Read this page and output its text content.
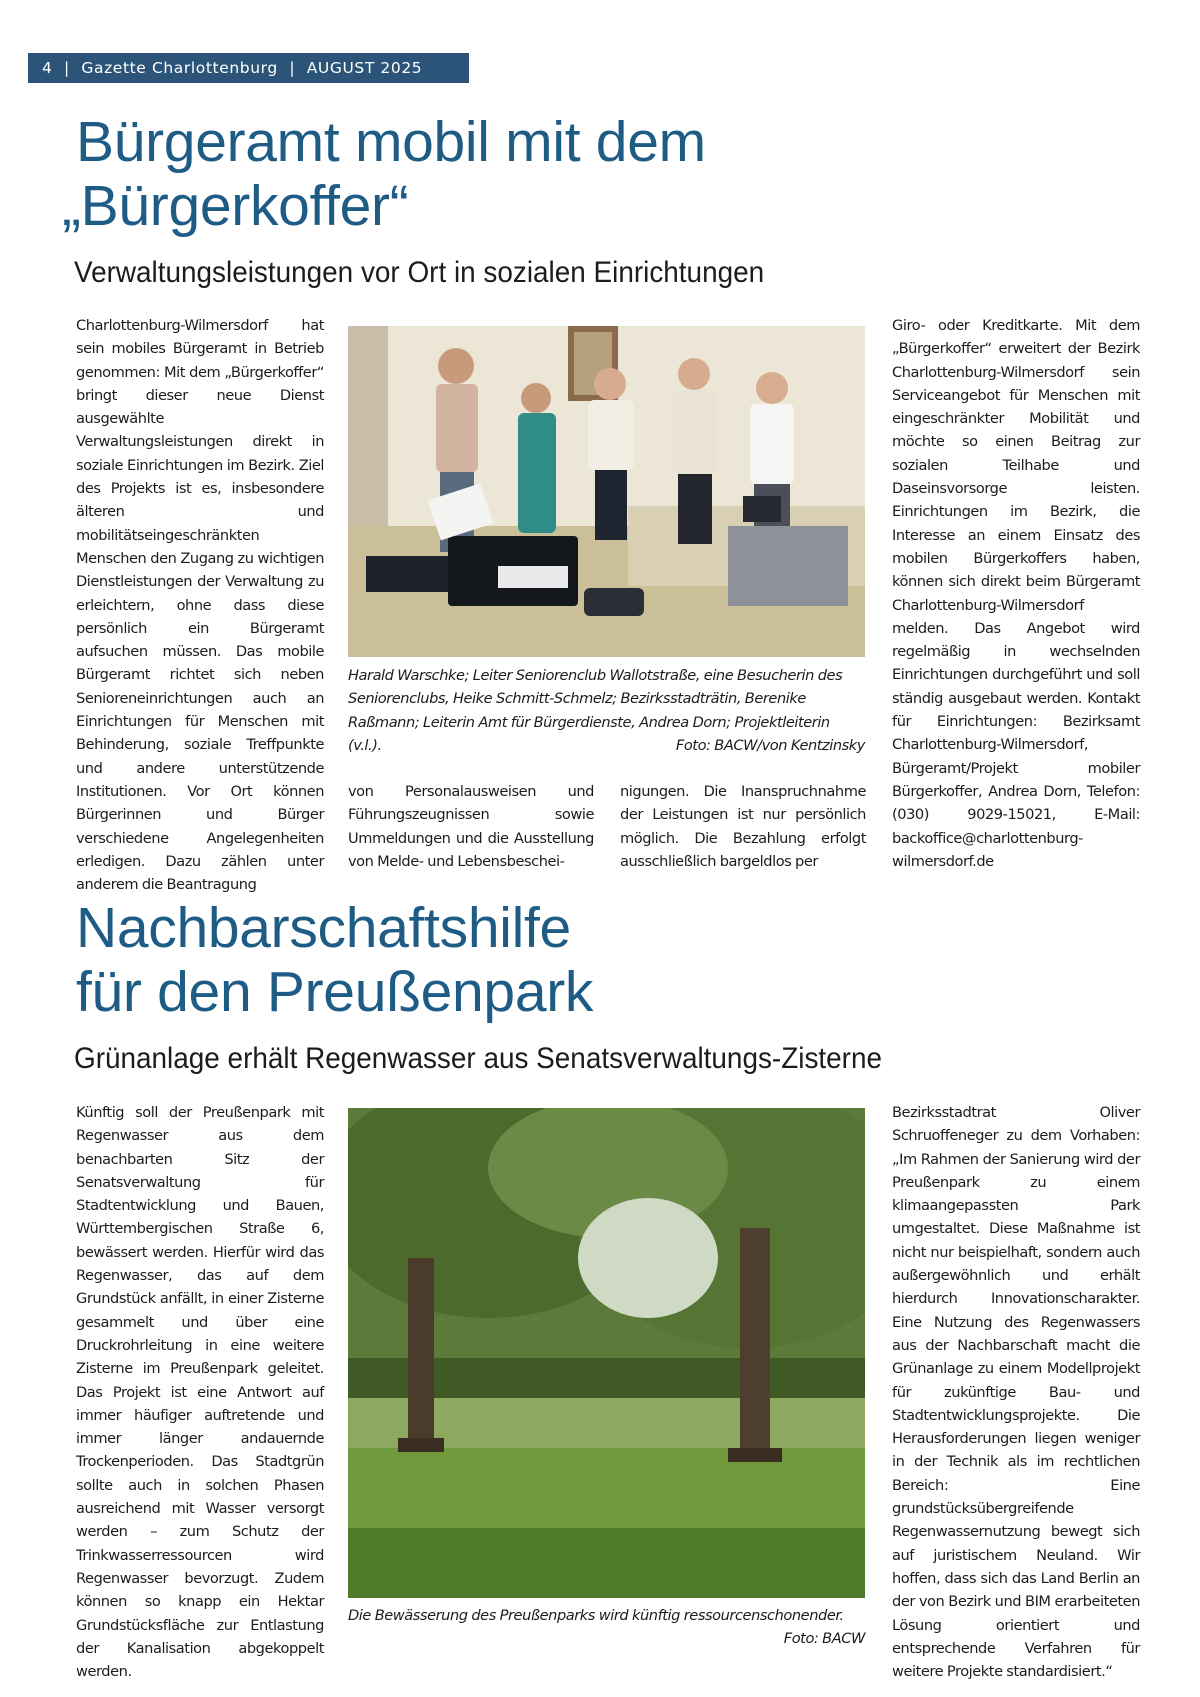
4 | Gazette Charlottenburg | AUGUST 2025
Bürgeramt mobil mit dem
„Bürgerkoffer“
Verwaltungsleistungen vor Ort in sozialen Einrichtungen
Charlottenburg-Wilmersdorf hat sein mobiles Bürgeramt in Betrieb genommen: Mit dem „Bürgerkoffer“ bringt dieser neue Dienst ausgewählte Verwaltungsleistungen direkt in soziale Einrichtungen im Bezirk. Ziel des Projekts ist es, insbesondere älteren und mobilitätseingeschränkten Menschen den Zugang zu wichtigen Dienstleistungen der Verwaltung zu erleichtern, ohne dass diese persönlich ein Bürgeramt aufsuchen müssen. Das mobile Bürgeramt richtet sich neben Senioreneinrichtungen auch an Einrichtungen für Menschen mit Behinderung, soziale Treffpunkte und andere unterstützende Institutionen. Vor Ort können Bürgerinnen und Bürger verschiedene Angelegenheiten erledigen. Dazu zählen unter anderem die Beantragung
Harald Warschke; Leiter Seniorenclub Wallotstraße, eine Besucherin des Seniorenclubs, Heike Schmitt-Schmelz; Bezirksstadträtin, Berenike Raßmann; Leiterin Amt für Bürgerdienste, Andrea Dorn; Projektleiterin (v.l.).	Foto: BACW/von Kentzinsky
von Personalausweisen und Führungszeugnissen sowie Ummeldungen und die Ausstellung von Melde- und Lebensbeschei-
nigungen. Die Inanspruchnahme der Leistungen ist nur persönlich möglich. Die Bezahlung erfolgt ausschließlich bargeldlos per
Giro- oder Kreditkarte. Mit dem „Bürgerkoffer“ erweitert der Bezirk Charlottenburg-Wilmersdorf sein Serviceangebot für Menschen mit eingeschränkter Mobilität und möchte so einen Beitrag zur sozialen Teilhabe und Daseinsvorsorge leisten. Einrichtungen im Bezirk, die Interesse an einem Einsatz des mobilen Bürgerkoffers haben, können sich direkt beim Bürgeramt Charlottenburg-Wilmersdorf melden. Das Angebot wird regelmäßig in wechselnden Einrichtungen durchgeführt und soll ständig ausgebaut werden. Kontakt für Einrichtungen: Bezirksamt Charlottenburg-Wilmersdorf, Bürgeramt/Projekt mobiler Bürgerkoffer, Andrea Dorn, Telefon: (030) 9029-15021, E-Mail: backoffice@charlottenburg-wilmersdorf.de
Nachbarschaftshilfe
für den Preußenpark
Grünanlage erhält Regenwasser aus Senatsverwaltungs-Zisterne
Künftig soll der Preußenpark mit Regenwasser aus dem benachbarten Sitz der Senatsverwaltung für Stadtentwicklung und Bauen, Württembergischen Straße 6, bewässert werden. Hierfür wird das Regenwasser, das auf dem Grundstück anfällt, in einer Zisterne gesammelt und über eine Druckrohrleitung in eine weitere Zisterne im Preußenpark geleitet. Das Projekt ist eine Antwort auf immer häufiger auftretende und immer länger andauernde Trockenperioden. Das Stadtgrün sollte auch in solchen Phasen ausreichend mit Wasser versorgt werden – zum Schutz der Trinkwasserressourcen wird Regenwasser bevorzugt. Zudem können so knapp ein Hektar Grundstücksfläche zur Entlastung der Kanalisation abgekoppelt werden.
Die Bewässerung des Preußenparks wird künftig ressourcenschonender.
Foto: BACW
Bezirksstadtrat Oliver Schruoffeneger zu dem Vorhaben: „Im Rahmen der Sanierung wird der Preußenpark zu einem klimaangepassten Park umgestaltet. Diese Maßnahme ist nicht nur beispielhaft, sondern auch außergewöhnlich und erhält hierdurch Innovationscharakter. Eine Nutzung des Regenwassers aus der Nachbarschaft macht die Grünanlage zu einem Modellprojekt für zukünftige Bau- und Stadtentwicklungsprojekte. Die Herausforderungen liegen weniger in der Technik als im rechtlichen Bereich: Eine grundstücksübergreifende Regenwassernutzung bewegt sich auf juristischem Neuland. Wir hoffen, dass sich das Land Berlin an der von Bezirk und BIM erarbeiteten Lösung orientiert und entsprechende Verfahren für weitere Projekte standardisiert.“
